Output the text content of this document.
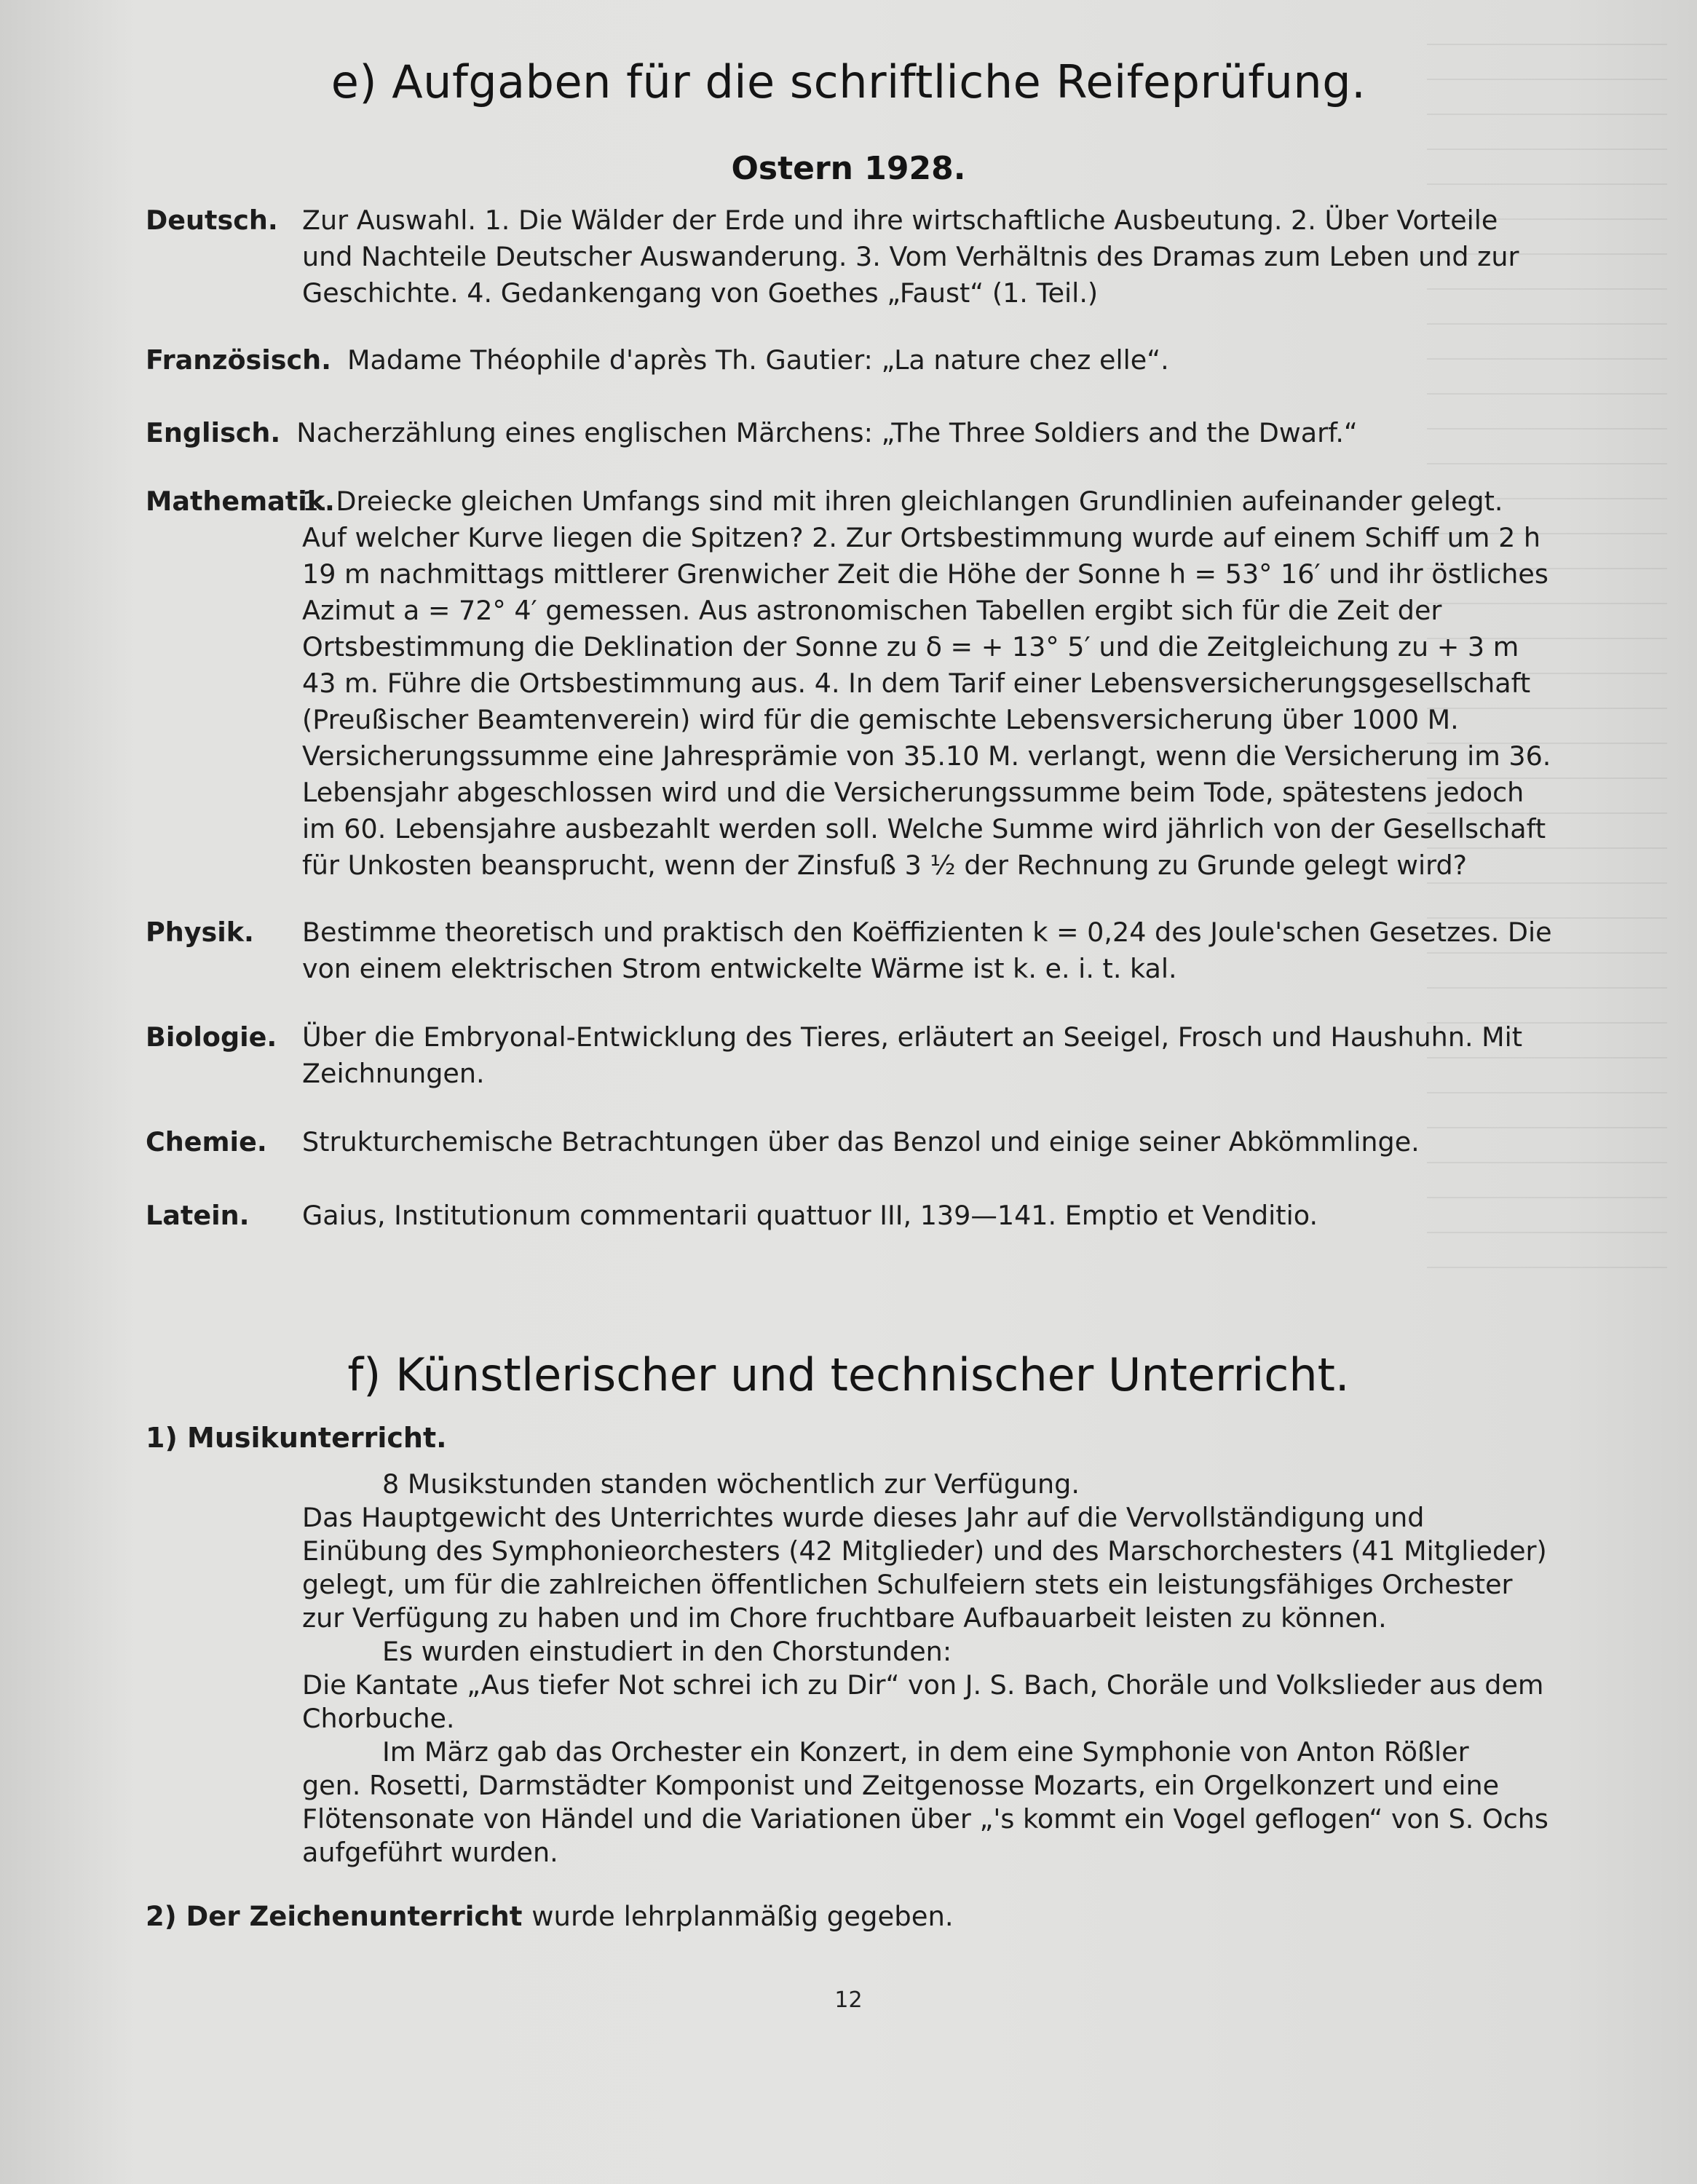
e) Aufgaben für die schriftliche Reifeprüfung.
Ostern 1928.
Deutsch. Zur Auswahl. 1. Die Wälder der Erde und ihre wirtschaftliche Ausbeutung. 2. Über Vorteile und Nachteile Deutscher Auswanderung. 3. Vom Verhältnis des Dramas zum Leben und zur Geschichte. 4. Gedankengang von Goethes „Faust“ (1. Teil.)
Französisch. Madame Théophile d'après Th. Gautier: „La nature chez elle“.
Englisch. Nacherzählung eines englischen Märchens: „The Three Soldiers and the Dwarf.“
Mathematik.
1. Dreiecke gleichen Umfangs sind mit ihren gleichlangen Grundlinien aufeinander gelegt. Auf welcher Kurve liegen die Spitzen? 2. Zur Ortsbestimmung wurde auf einem Schiff um 2 h 19 m nachmittags mittlerer Grenwicher Zeit die Höhe der Sonne h = 53° 16′ und ihr östliches Azimut a = 72° 4′ gemessen. Aus astronomischen Tabellen ergibt sich für die Zeit der Ortsbestimmung die Deklination der Sonne zu δ = + 13° 5′ und die Zeitgleichung zu + 3 m 43 m. Führe die Ortsbestimmung aus. 4. In dem Tarif einer Lebensversicherungsgesellschaft (Preußischer Beamtenverein) wird für die gemischte Lebensversicherung über 1000 M. Versicherungssumme eine Jahresprämie von 35.10 M. verlangt, wenn die Versicherung im 36. Lebensjahr abgeschlossen wird und die Versicherungssumme beim Tode, spätestens jedoch im 60. Lebensjahre ausbezahlt werden soll. Welche Summe wird jährlich von der Gesellschaft für Unkosten beansprucht, wenn der Zinsfuß 3 ½ der Rechnung zu Grunde gelegt wird?
Physik. Bestimme theoretisch und praktisch den Koëffizienten k = 0,24 des Joule'schen Gesetzes. Die von einem elektrischen Strom entwickelte Wärme ist k. e. i. t. kal.
Biologie. Über die Embryonal-Entwicklung des Tieres, erläutert an Seeigel, Frosch und Haushuhn. Mit Zeichnungen.
Chemie. Strukturchemische Betrachtungen über das Benzol und einige seiner Abkömmlinge.
Latein. Gaius, Institutionum commentarii quattuor III, 139—141. Emptio et Venditio.
f) Künstlerischer und technischer Unterricht.
1) Musikunterricht.
8 Musikstunden standen wöchentlich zur Verfügung.
Das Hauptgewicht des Unterrichtes wurde dieses Jahr auf die Vervollständigung und Einübung des Symphonieorchesters (42 Mitglieder) und des Marschorchesters (41 Mitglieder) gelegt, um für die zahlreichen öffentlichen Schulfeiern stets ein leistungsfähiges Orchester zur Verfügung zu haben und im Chore fruchtbare Aufbauarbeit leisten zu können.
Es wurden einstudiert in den Chorstunden:
Die Kantate „Aus tiefer Not schrei ich zu Dir“ von J. S. Bach, Choräle und Volkslieder aus dem Chorbuche.
Im März gab das Orchester ein Konzert, in dem eine Symphonie von Anton Rößler
gen. Rosetti, Darmstädter Komponist und Zeitgenosse Mozarts, ein Orgelkonzert und eine Flötensonate von Händel und die Variationen über „'s kommt ein Vogel geflogen“ von S. Ochs aufgeführt wurden.
2) Der Zeichenunterricht wurde lehrplanmäßig gegeben.
12
